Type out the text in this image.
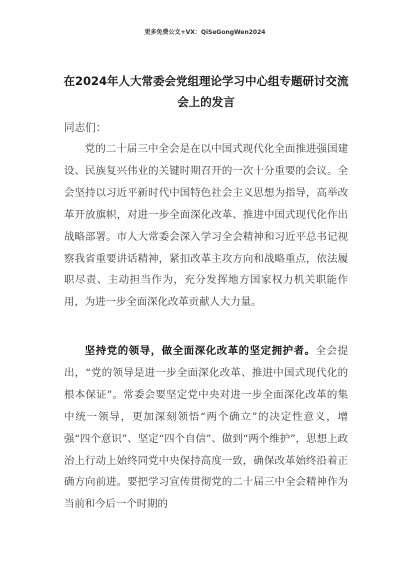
更多免费公文+VX：QiSeGongWen2024
在2024年人大常委会党组理论学习中心组专题研讨交流会上的发言
同志们：

党的二十届三中全会是在以中国式现代化全面推进强国建设、民族复兴伟业的关键时期召开的一次十分重要的会议。全会坚持以习近平新时代中国特色社会主义思想为指导，高举改革开放旗帜，对进一步全面深化改革、推进中国式现代化作出战略部署。市人大常委会深入学习全会精神和习近平总书记视察我省重要讲话精神，紧扣改革主攻方向和战略重点，依法履职尽责、主动担当作为，充分发挥地方国家权力机关职能作用，为进一步全面深化改革贡献人大力量。

坚持党的领导，做全面深化改革的坚定拥护者。全会提出，“党的领导是进一步全面深化改革、推进中国式现代化的根本保证”。常委会要坚定党中央对进一步全面深化改革的集中统一领导，更加深刻领悟“两个确立”的决定性意义，增强“四个意识”、坚定“四个自信”、做到“两个维护”，思想上政治上行动上始终同党中央保持高度一致，确保改革始终沿着正确方向前进。要把学习宣传贯彻党的二十届三中全会精神作为当前和今后一个时期的
